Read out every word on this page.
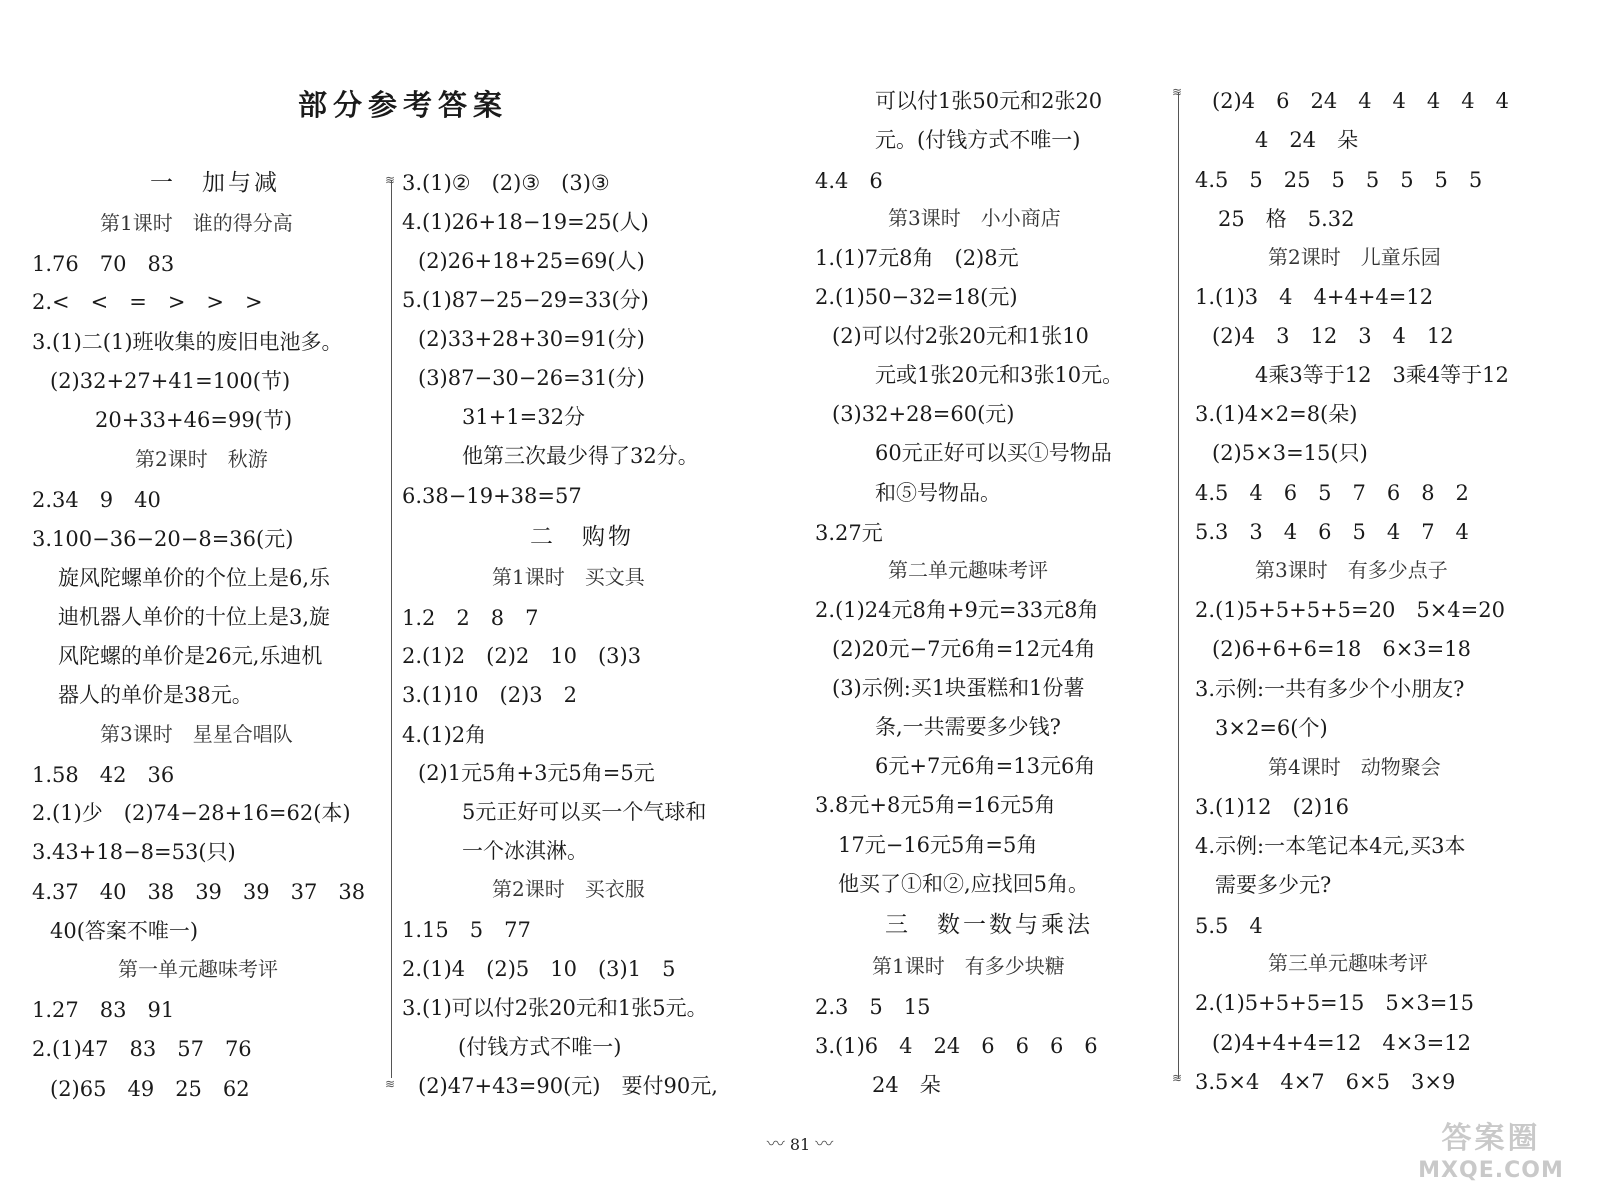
部分参考答案
一　加与减
第1课时　谁的得分高
1.76　70　83
2.<　<　=　>　>　>
3.(1)二(1)班收集的废旧电池多。
(2)32+27+41=100(节)
20+33+46=99(节)
第2课时　秋游
2.34　9　40
3.100−36−20−8=36(元)
旋风陀螺单价的个位上是6,乐
迪机器人单价的十位上是3,旋
风陀螺的单价是26元,乐迪机
器人的单价是38元。
第3课时　星星合唱队
1.58　42　36
2.(1)少　(2)74−28+16=62(本)
3.43+18−8=53(只)
4.37　40　38　39　39　37　38
40(答案不唯一)
第一单元趣味考评
1.27　83　91
2.(1)47　83　57　76
(2)65　49　25　62
3.(1)②　(2)③　(3)③
4.(1)26+18−19=25(人)
(2)26+18+25=69(人)
5.(1)87−25−29=33(分)
(2)33+28+30=91(分)
(3)87−30−26=31(分)
31+1=32分
他第三次最少得了32分。
6.38−19+38=57
二　购物
第1课时　买文具
1.2　2　8　7
2.(1)2　(2)2　10　(3)3
3.(1)10　(2)3　2
4.(1)2角
(2)1元5角+3元5角=5元
5元正好可以买一个气球和
一个冰淇淋。
第2课时　买衣服
1.15　5　77
2.(1)4　(2)5　10　(3)1　5
3.(1)可以付2张20元和1张5元。
(付钱方式不唯一)
(2)47+43=90(元)　要付90元,
可以付1张50元和2张20
元。(付钱方式不唯一)
4.4　6
第3课时　小小商店
1.(1)7元8角　(2)8元
2.(1)50−32=18(元)
(2)可以付2张20元和1张10
元或1张20元和3张10元。
(3)32+28=60(元)
60元正好可以买①号物品
和⑤号物品。
3.27元
第二单元趣味考评
2.(1)24元8角+9元=33元8角
(2)20元−7元6角=12元4角
(3)示例:买1块蛋糕和1份薯
条,一共需要多少钱?
6元+7元6角=13元6角
3.8元+8元5角=16元5角
17元−16元5角=5角
他买了①和②,应找回5角。
三　数一数与乘法
第1课时　有多少块糖
2.3　5　15
3.(1)6　4　24　6　6　6　6
24　朵
(2)4　6　24　4　4　4　4　4
4　24　朵
4.5　5　25　5　5　5　5　5
25　格　5.32
第2课时　儿童乐园
1.(1)3　4　4+4+4=12
(2)4　3　12　3　4　12
4乘3等于12　3乘4等于12
3.(1)4×2=8(朵)
(2)5×3=15(只)
4.5　4　6　5　7　6　8　2
5.3　3　4　6　5　4　7　4
第3课时　有多少点子
2.(1)5+5+5+5=20　5×4=20
(2)6+6+6=18　6×3=18
3.示例:一共有多少个小朋友?
3×2=6(个)
第4课时　动物聚会
3.(1)12　(2)16
4.示例:一本笔记本4元,买3本
需要多少元?
5.5　4
第三单元趣味考评
2.(1)5+5+5=15　5×3=15
(2)4+4+4=12　4×3=12
3.5×4　4×7　6×5　3×9
≋
≋
≋
≋
〰 81 〰	答案圈
MXQE.COM
